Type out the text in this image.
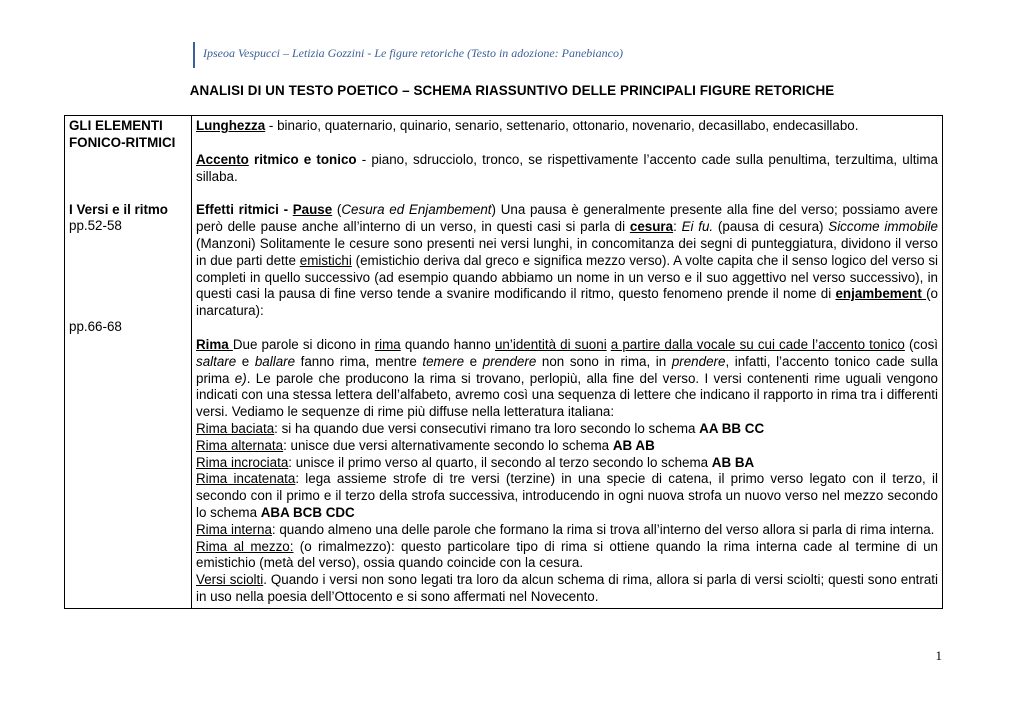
Ipseoa Vespucci – Letizia Gozzini - Le figure retoriche (Testo in adozione: Panebianco)
ANALISI DI UN TESTO POETICO – SCHEMA RIASSUNTIVO DELLE PRINCIPALI FIGURE RETORICHE
GLI ELEMENTI FONICO-RITMICI
I Versi e il ritmo
pp.52-58
pp.66-68

Lunghezza - binario, quaternario, quinario, senario, settenario, ottonario, novenario, decasillabo, endecasillabo.

Accento ritmico e tonico - piano, sdrucciolo, tronco, se rispettivamente l’accento cade sulla penultima, terzultima, ultima sillaba.

Effetti ritmici - Pause (Cesura ed Enjambement) Una pausa è generalmente presente alla fine del verso; possiamo avere però delle pause anche all’interno di un verso, in questi casi si parla di cesura: Ei fu. (pausa di cesura) Siccome immobile (Manzoni) Solitamente le cesure sono presenti nei versi lunghi, in concomitanza dei segni di punteggiatura, dividono il verso in due parti dette emistichi (emistichio deriva dal greco e significa mezzo verso). A volte capita che il senso logico del verso si completi in quello successivo (ad esempio quando abbiamo un nome in un verso e il suo aggettivo nel verso successivo), in questi casi la pausa di fine verso tende a svanire modificando il ritmo, questo fenomeno prende il nome di enjambement (o inarcatura):

Rima Due parole si dicono in rima quando hanno un’identità di suoni a partire dalla vocale su cui cade l’accento tonico (così saltare e ballare fanno rima, mentre temere e prendere non sono in rima, in prendere, infatti, l’accento tonico cade sulla prima e). Le parole che producono la rima si trovano, perlopiù, alla fine del verso. I versi contenenti rime uguali vengono indicati con una stessa lettera dell’alfabeto, avremo così una sequenza di lettere che indicano il rapporto in rima tra i differenti versi. Vediamo le sequenze di rime più diffuse nella letteratura italiana:

Rima baciata: si ha quando due versi consecutivi rimano tra loro secondo lo schema AA BB CC
Rima alternata: unisce due versi alternativamente secondo lo schema AB AB
Rima incrociata: unisce il primo verso al quarto, il secondo al terzo secondo lo schema AB BA
Rima incatenata: lega assieme strofe di tre versi (terzine) in una specie di catena, il primo verso legato con il terzo, il secondo con il primo e il terzo della strofa successiva, introducendo in ogni nuova strofa un nuovo verso nel mezzo secondo lo schema ABA BCB CDC
Rima interna: quando almeno una delle parole che formano la rima si trova all’interno del verso allora si parla di rima interna.
Rima al mezzo: (o rimalmezzo): questo particolare tipo di rima si ottiene quando la rima interna cade al termine di un emistichio (metà del verso), ossia quando coincide con la cesura.
Versi sciolti. Quando i versi non sono legati tra loro da alcun schema di rima, allora si parla di versi sciolti; questi sono entrati in uso nella poesia dell’Ottocento e si sono affermati nel Novecento.
1
